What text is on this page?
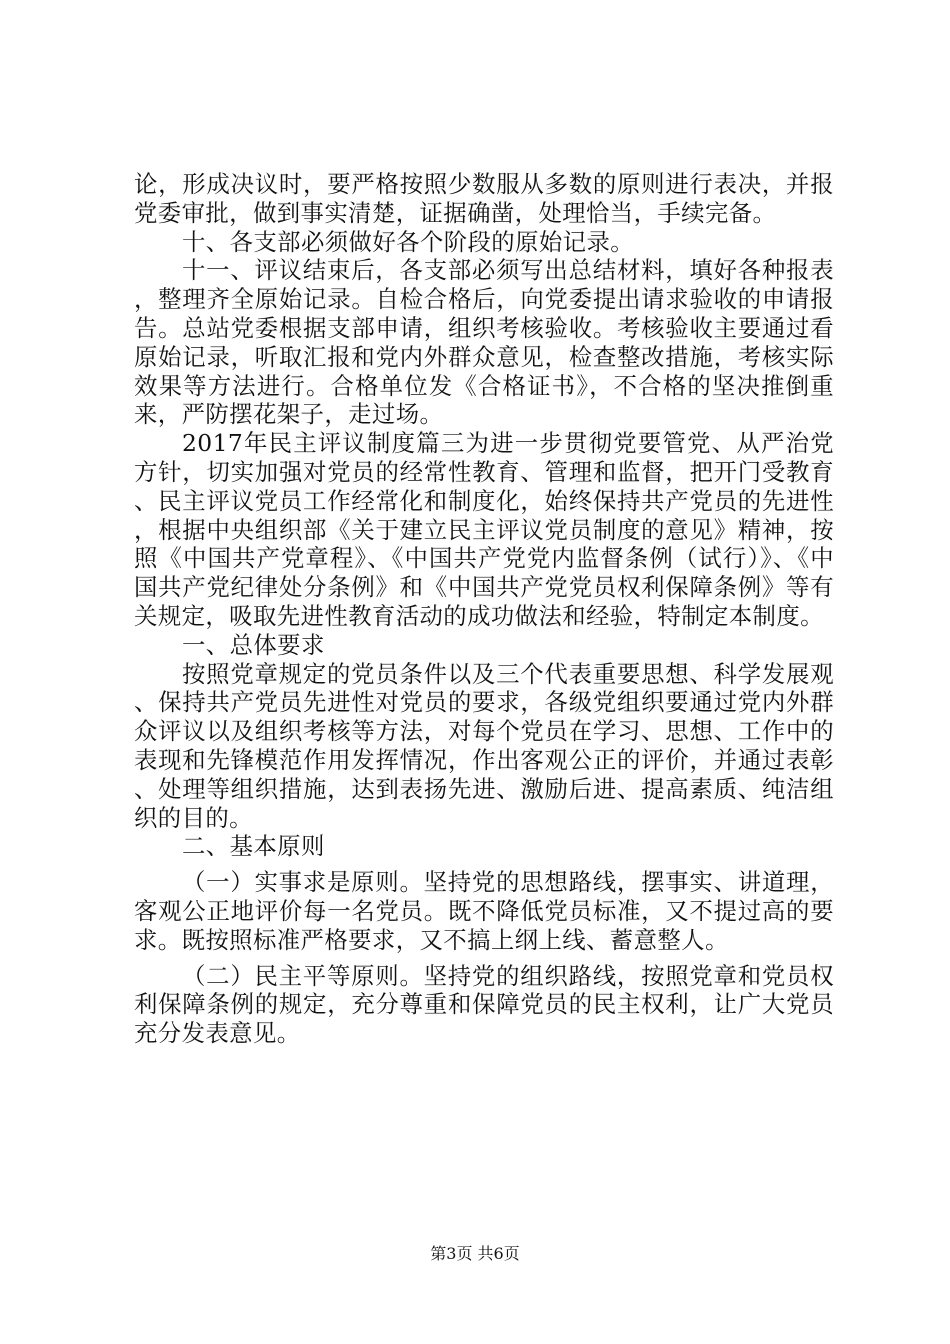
论，形成决议时，要严格按照少数服从多数的原则进行表决，并报党委审批，做到事实清楚，证据确凿，处理恰当，手续完备。

十、各支部必须做好各个阶段的原始记录。

十一、评议结束后，各支部必须写出总结材料，填好各种报表，整理齐全原始记录。自检合格后，向党委提出请求验收的申请报告。总站党委根据支部申请，组织考核验收。考核验收主要通过看原始记录，听取汇报和党内外群众意见，检查整改措施，考核实际效果等方法进行。合格单位发《合格证书》，不合格的坚决推倒重来，严防摆花架子，走过场。

2017年民主评议制度篇三为进一步贯彻党要管党、从严治党方针，切实加强对党员的经常性教育、管理和监督，把开门受教育、民主评议党员工作经常化和制度化，始终保持共产党员的先进性，根据中央组织部《关于建立民主评议党员制度的意见》精神，按照《中国共产党章程》、《中国共产党党内监督条例（试行）》、《中国共产党纪律处分条例》和《中国共产党党员权利保障条例》等有关规定，吸取先进性教育活动的成功做法和经验，特制定本制度。

一、总体要求

按照党章规定的党员条件以及三个代表重要思想、科学发展观、保持共产党员先进性对党员的要求，各级党组织要通过党内外群众评议以及组织考核等方法，对每个党员在学习、思想、工作中的表现和先锋模范作用发挥情况，作出客观公正的评价，并通过表彰、处理等组织措施，达到表扬先进、激励后进、提高素质、纯洁组织的目的。

二、基本原则

（一）实事求是原则。坚持党的思想路线，摆事实、讲道理，客观公正地评价每一名党员。既不降低党员标准，又不提过高的要求。既按照标准严格要求，又不搞上纲上线、蓄意整人。

（二）民主平等原则。坚持党的组织路线，按照党章和党员权利保障条例的规定，充分尊重和保障党员的民主权利，让广大党员充分发表意见。

第3页 共6页
